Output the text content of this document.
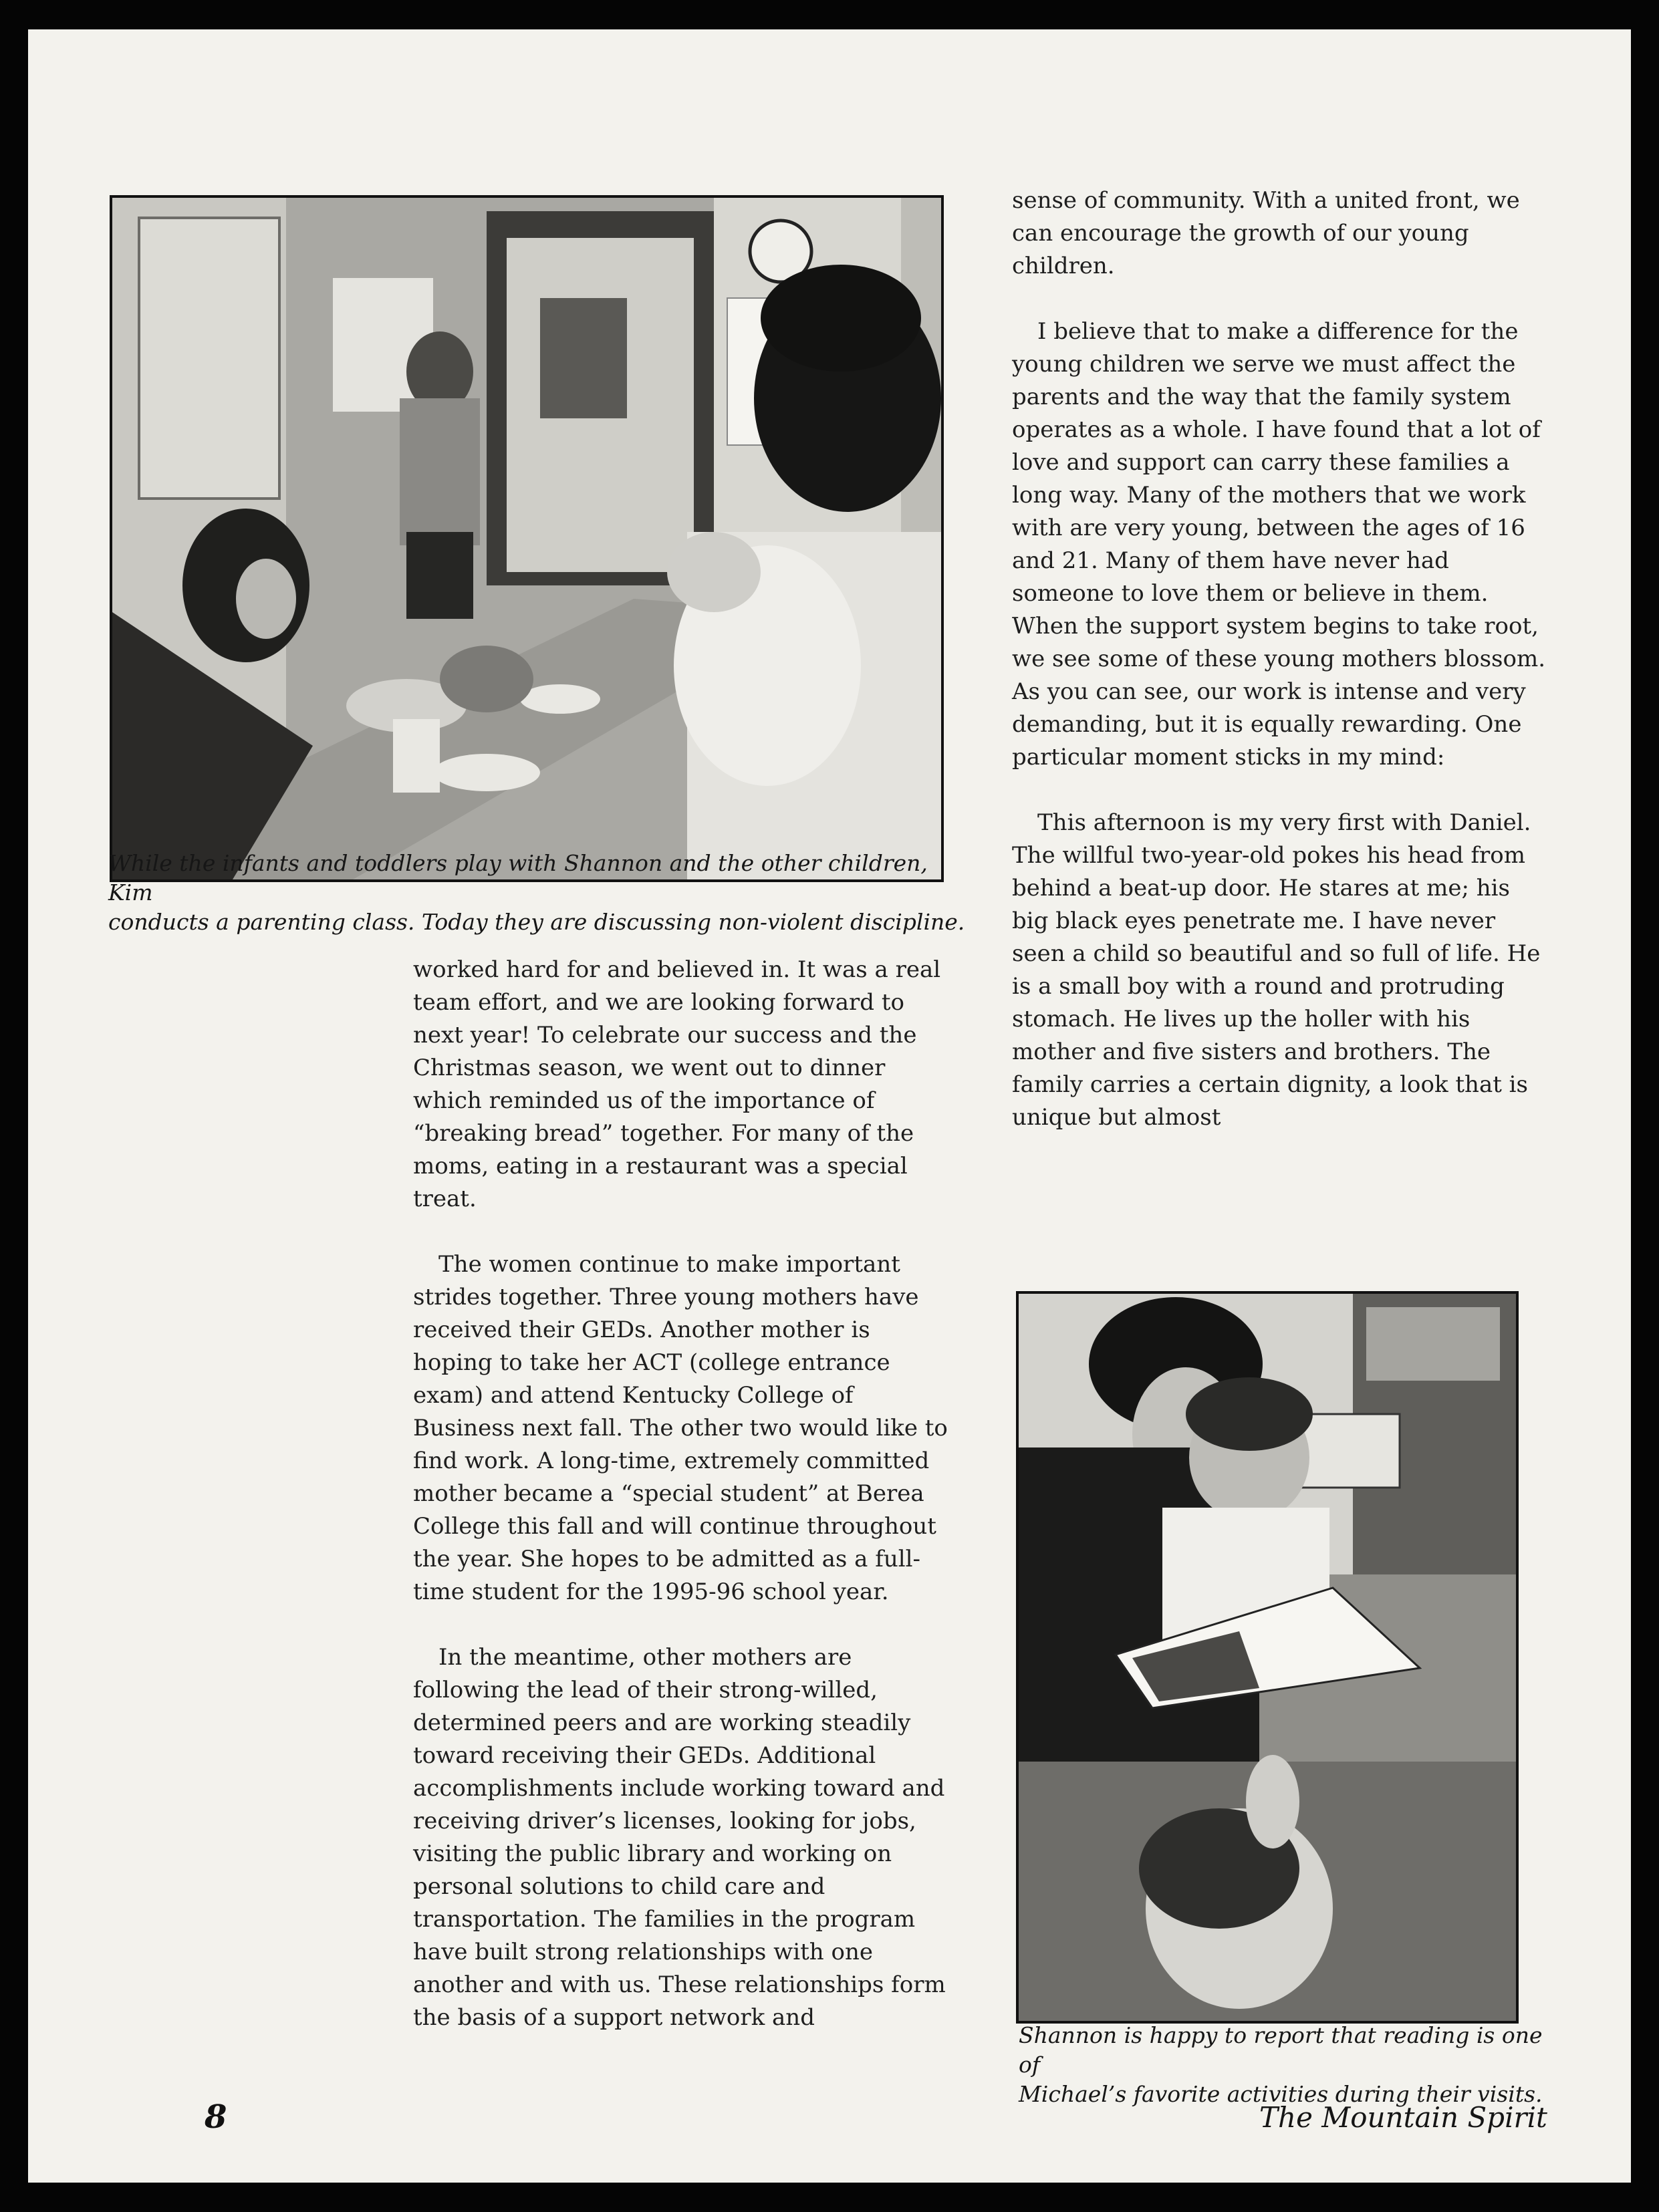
While the infants and toddlers play with Shannon and the other children, Kim

conducts a parenting class. Today they are discussing non-violent discipline.

worked hard for and believed in. It was a real team effort, and we are looking forward to next year! To celebrate our success and the Christmas season, we went out to dinner which reminded us of the importance of “breaking bread” together. For many of the moms, eating in a restaurant was a special treat.

The women continue to make important strides together. Three young mothers have received their GEDs. Another mother is hoping to take her ACT (college entrance exam) and attend Kentucky College of Business next fall. The other two would like to find work. A long-time, extremely committed mother became a “special student” at Berea College this fall and will continue throughout the year. She hopes to be admitted as a full-time student for the 1995-96 school year.

In the meantime, other mothers are following the lead of their strong-willed, determined peers and are working steadily toward receiving their GEDs. Additional accomplishments include working toward and receiving driver’s licenses, looking for jobs, visiting the public library and working on personal solutions to child care and transportation. The families in the program have built strong relationships with one another and with us. These relationships form the basis of a support network and

sense of community. With a united front, we can encourage the growth of our young children.

I believe that to make a difference for the young children we serve we must affect the parents and the way that the family system operates as a whole. I have found that a lot of love and support can carry these families a long way. Many of the mothers that we work with are very young, between the ages of 16 and 21. Many of them have never had someone to love them or believe in them. When the support system begins to take root, we see some of these young mothers blossom. As you can see, our work is intense and very demanding, but it is equally rewarding. One particular moment sticks in my mind:

This afternoon is my very first with Daniel. The willful two-year-old pokes his head from behind a beat-up door. He stares at me; his big black eyes penetrate me. I have never seen a child so beautiful and so full of life. He is a small boy with a round and protruding stomach. He lives up the holler with his mother and five sisters and brothers. The family carries a certain dignity, a look that is unique but almost

Shannon is happy to report that reading is one of

Michael’s favorite activities during their visits.

8	The Mountain Spirit
